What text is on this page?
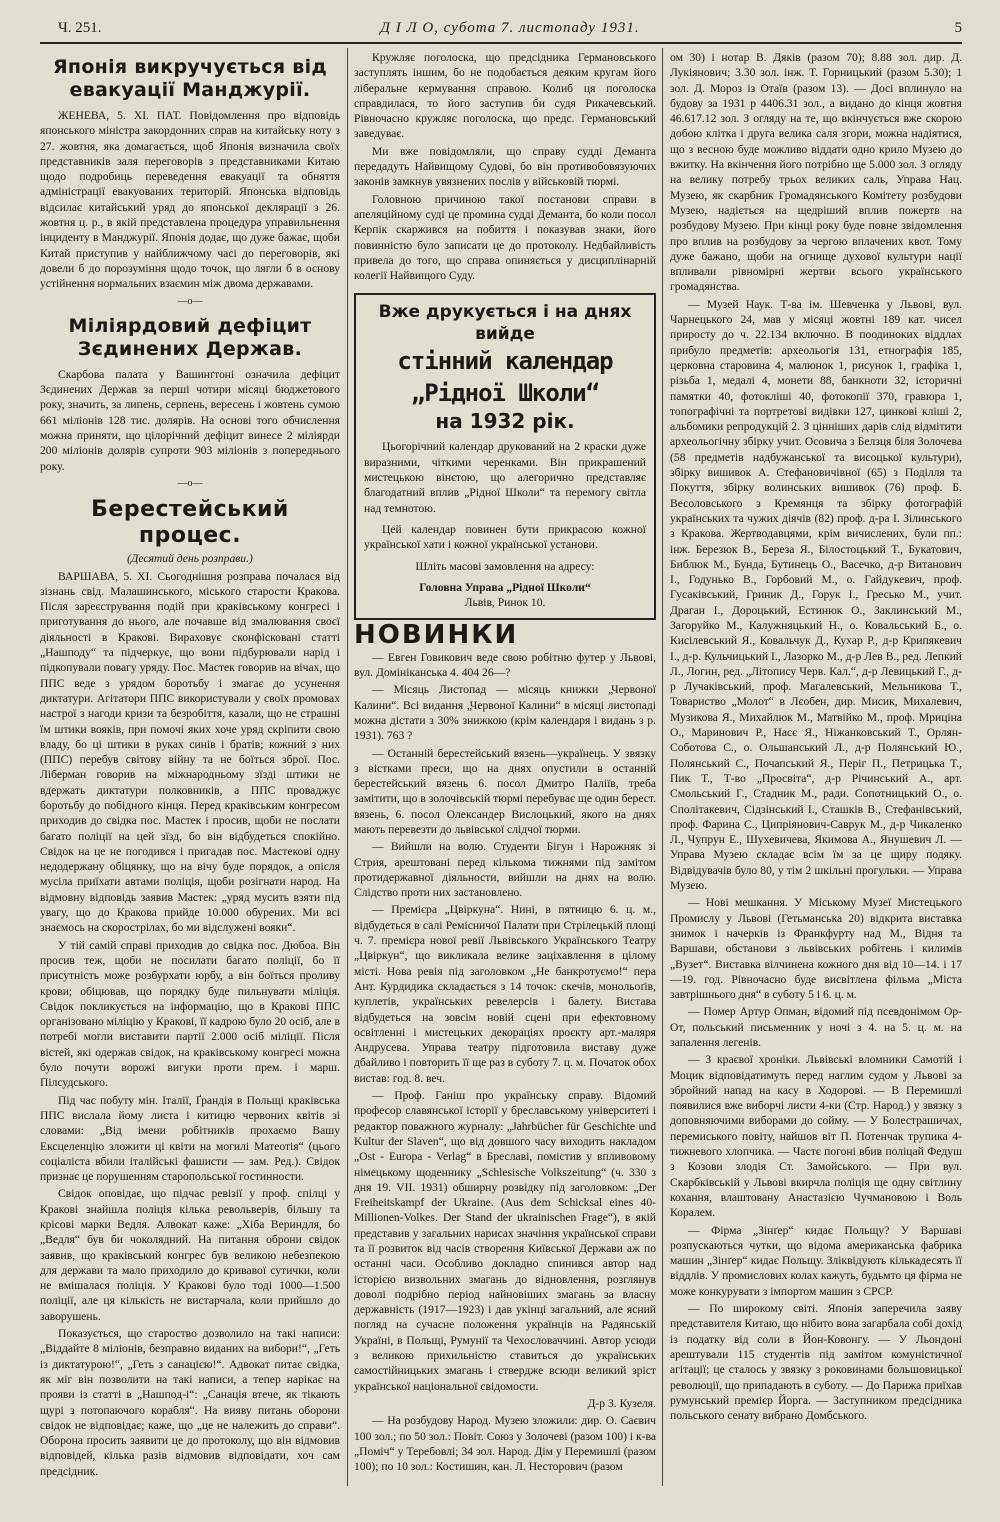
Ч. 251.	Д І Л О, субота 7. листопаду 1931.	5
Японія викручується від евакуації Манджурії.

ЖЕНЕВА, 5. XI. ПАТ. Повідомлення про відповідь японського міністра закордонних справ на китайську ноту з 27. жовтня, яка домагається, щоб Японія визначила своїх представників заля переговорів з представниками Китаю щодо подробиць переведення евакуації та обняття адміністрації евакуованих територій. Японська відповідь відсилає китайський уряд до японської деклярації з 26. жовтня ц. р., в якій представлена процедура управильнення інциденту в Манджурії. Японія додає, що дуже бажає, щоби Китай приступив у найближчому часі до переговорів, які довели б до порозуміння щодо точок, що лягли б в основу устійнення нормальних взаємин між двома державами.

—o—

Міліярдовий дефіцит Зєдинених Держав.

Скарбова палата у Вашинґтоні означила дефіцит Зєдинених Держав за перші чотири місяці бюджетового року, значить, за липень, серпень, вересень і жовтень сумою 661 міліонів 128 тис. долярів. На основі того обчислення можна приняти, що цілорічний дефіцит винесе 2 міліярди 200 міліонів долярів супроти 903 міліонів з попереднього року.

—o—

Берестейський процес.

(Десятий день розправи.)

ВАРШАВА, 5. XI. Сьогоднішня розправа почалася від зізнань свід. Малашинського, міського старости Кракова. Після зареєстрування подій при краківському конгресі і приготування до нього, але почавше від змалювання своєї діяльності в Кракові. Вираховує сконфісковані статті „Нашподу“ та підчеркує, що вони підбурювали нарід і підкопували повагу уряду. Пос. Мастек говорив на вічах, що ППС веде з урядом боротьбу і змагає до усунення диктатури. Агітатори ППС використували у своїх промовах настрої з нагоди кризи та безробіття, казали, що не страшні їм штики вояків, при помочі яких хоче уряд скріпити свою владу, бо ці штики в руках синів і братів; кожний з них (ППС) перебув світову війну та не боїться зброї. Пос. Ліберман говорив на міжнародньому зїзді штики не вдержать диктатури полковників, а ППС проваджує боротьбу до побідного кінця. Перед краківським конгресом приходив до свідка пос. Мастек і просив, щоби не послати багато поліції на цей зїзд, бо він відбудеться спокійно. Свідок на це не погодився і пригадав пос. Мастекові одну недодержану обіцянку, що на вічу буде порядок, а опісля мусіла приїхати автами поліція, щоби розігнати народ. На відмовну відповідь заявив Мастек: „уряд мусить взяти під увагу, що до Кракова прийде 10.000 обурених. Ми всі знаємось на скорострілах, бо ми відслужені вояки“.

У тій самій справі приходив до свідка пос. Дюбоа. Він просив теж, щоби не посилати багато поліції, бо її присутність може розбурхати юрбу, а він боїться проливу крови; обіцював, що порядку буде пильнувати міліція. Свідок покликується на інформацію, що в Кракові ППС організовано міліцію у Кракові, її кадрою було 20 осіб, але в потребі могли виставити партії 2.000 осіб міліції. Після вістей, які одержав свідок, на краківському конгресі можна було почути ворожі вигуки проти прем. і марш. Пілсудського.

Під час побуту мін. Італії, Ґрандія в Польщі краківська ППС вислала йому листа і китицю червоних квітів зі словами: „Від імени робітників прохаємо Вашу Ексцеленцію зложити ці квіти на могилі Матеотія“ (цього соціаліста вбили італійські фашисти — зам. Ред.). Свідок признає це порушенням старопольської гостинности.

Свідок оповідає, що підчас ревізії у проф. спілці у Кракові знайшла поліція кілька револьверів, більшу та крісові марки Ведля. Алвокат каже: „Хіба Вериндля, бо „Ведля“ був би чоколядний. На питання оброни свідок заявив, що краківський конгрес був великою небезпекою для держави та мало приходило до кривавої сутички, коли не вмішалася поліція. У Кракові було тоді 1000—1.500 поліції, але ця кількість не вистарчала, коли прийшло до заворушень.

Показується, що староство дозволило на такі написи: „Віддайте 8 міліонів, безправно виданих на вибори!“, „Геть із диктатурою!“, „Геть з санацією!“. Адвокат питає свідка, як міг він позволити на такі написи, а тепер нарікає на прояви із статті в „Нашпод-і“: „Санація втече, як тікають щурі з потопаючого корабля“. На вияву питань оборони свідок не відповідає; каже, що „це не належить до справи“. Оборона просить заявити це до протоколу, що він відмовив відповідей, кілька разів відмовив відповідати, хоч сам предсідник.

Кружляє поголоска, що предсідника Германовського заступлять іншим, бо не подобається деяким кругам його ліберальне кермування справою. Колиб ця поголоска справдилася, то його заступив би судя Рикачевський. Рівночасно кружляє поголоска, що предс. Германовський заведуває.

Ми вже повідомляли, що справу судді Деманта передадуть Найвищому Судові, бо він противобовязуючих законів замкнув увязнених послів у військовій тюрмі.

Головною причиною такої постанови справи в апеляційному суді це промина судді Деманта, бо коли посол Керпік скаржився на побиття і показував знаки, його повинністю було записати це до протоколу. Недбайливість привела до того, що справа опиняється у дисциплінарній колегії Найвищого Суду.

Вже друкується і на днях вийде
стінний календар „Рідної Школи“
на 1932 рік.

Цьогорічний календар друкований на 2 краски дуже виразними, чіткими черенками. Він прикрашений мистецькою вінєтою, що алегорично представляє благодатний вплив „Рідної Школи“ та перемогу світла над темнотою.

Цей календар повинен бути прикрасою кожної української хати і кожної української установи.

Шліть масові замовлення на адресу:

Головна Управа „Рідної Школи“

Львів, Ринок 10.

НОВИНКИ

— Евген Говикович веде свою робітню футер у Львові, вул. Домініканська 4. 404 26—?

— Місяць Листопад — місяць книжки „Червоної Калини“. Всі видання „Червоної Калини“ в місяці листопаді можна дістати з 30% знижкою (крім календаря і видань з р. 1931). 763 ?

— Останній берестейський вязень—українець. У звязку з вістками преси, що на днях опустили в останній берестейський вязень 6. посол Дмитро Паліїв, треба замітити, що в золочівській тюрмі перебуває ще один берест. вязень, 6. посол Олександер Вислоцький, якого на днях мають перевезти до львівської слідчої тюрми.

— Вийшли на волю. Студенти Бігун і Нарожняк зі Стрия, арештовані перед кількома тижнями під замітом протидержавної діяльности, вийшли на днях на волю. Слідство проти них застановлено.

— Премієра „Цвіркуна“. Нині, в пятницю 6. ц. м., відбудеться в салі Ремісничої Палати при Стрілецькій площі ч. 7. премієра нової ревії Львівського Українського Театру „Цвіркун“, що викликала велике заціхавлення в цілому місті. Нова ревія під заголовком „Не банкротуємо!“ пера Ант. Курдидика складається з 14 точок: скечів, монольоґів, куплетів, українських ревелерсів і балету. Вистава відбудеться на зовсім новій сцені при ефектовному освітленні і мистецьких декораціях проєкту арт.-маляря Андрусева. Управа театру підготовила виставу дуже дбайливо і повторить її ще раз в суботу 7. ц. м. Початок обох вистав: год. 8. веч.

— Проф. Ганіш про українську справу. Відомий професор славянської історії у бреславському університеті і редактор поважного журналу: „Jahrbücher für Geschichte und Kultur der Slaven“, що від довшого часу виходить накладом „Ost - Europa - Verlag“ в Бреславі, помістив у впливовому німецькому щоденнику „Schlesische Volkszeitung“ (ч. 330 з дня 19. VII. 1931) обширну розвідку під заголовком: „Der Freiheitskampf der Ukraine. (Aus dem Schicksal eines 40-Millionen-Volkes. Der Stand der ukrainischen Frage“), в якій представив у загальних нарисах значіння української справи та її розвиток від часів створення Київської Держави аж по останні часи. Особливо докладно спинився автор над історією визвольних змагань до відновлення, розглянув доволі подрібно період найновіших змагань за власну державність (1917—1923) і дав укінці загальний, але ясний погляд на сучасне положення українців на Радянській Україні, в Польщі, Румунії та Чехословаччині. Автор усюди з великою прихильністю ставиться до українських самостійницьких змагань і ствердже всюди великий зріст української національної свідомости.

Д-р З. Кузеля.

— На розбудову Народ. Музею зложили: дир. О. Саєвич 100 зол.; по 50 зол.: Повіт. Союз у Золочеві (разом 100) і к-ва „Поміч“ у Теребовлі; 34 зол. Народ. Дім у Перемишлі (разом 100); по 10 зол.: Костишин, кан. Л. Несторович (разом

ом 30) і нотар В. Дяків (разом 70); 8.88 зол. дир. Д. Лукіянович; 3.30 зол. інж. Т. Горницький (разом 5.30); 1 зол. Д. Мороз із Отаїв (разом 13). — Досі вплинуло на будову за 1931 р 4406.31 зол., а видано до кінця жовтня 46.617.12 зол. З огляду на те, що вкінчується вже скорою добою клітка і друга велика саля згори, можна надіятися, що з весною буде можливо віддати одно крило Музею до вжитку. На вкінчення його потрібно ще 5.000 зол. З огляду на велику потребу трьох великих саль, Управа Нац. Музею, як скарбник Громадянського Комітету розбудови Музею, надіється на щедріший вплив пожертв на розбудову Музею. При кінці року буде повне звідомлення про вплив на розбудову за чергою вплачених квот. Тому дуже бажано, щоби на огнище духової культури нації впливали рівномірні жертви всього українського громадянства.

— Музей Наук. Т-ва ім. Шевченка у Львові, вул. Чарнецького 24, мав у місяці жовтні 189 кат. чисел приросту до ч. 22.134 включно. В поодиноких віддлах прибуло предметів: археольогія 131, етнографія 185, церковна старовина 4, малюнок 1, рисунок 1, графіка 1, різьба 1, медалі 4, монети 88, банкноти 32, історичні памятки 40, фотокліші 40, фотокопії 370, гравюра 1, топографічні та портретові видівки 127, цинкові кліші 2, альбомики репродукцій 2. З цінніших дарів слід відмітити археольогічну збірку учит. Осовича з Белзця біля Золочева (58 предметів надбужанської та висоцької культури), збірку вишивок А. Стефановичівної (65) з Поділля та Покуття, збірку волинських вишивок (76) проф. Б. Весоловського з Кремянця та збірку фотографій українських та чужих діячів (82) проф. д-ра І. Зілинського з Кракова. Жертводавцями, крім вичислених, були пп.: інж. Березюк В., Береза Я., Білостоцький Т., Букатович, Библюк М., Бунда, Бутинець О., Васечко, д-р Витанович І., Годунько В., Горбовий М., о. Гайдукевич, проф. Гусаківський, Гриник Д., Горук І., Гресько М., учит. Драган І., Дороцький, Естинюк О., Заклинський М., Загоруйко М., Калужняцький Н., о. Ковальський Б., о. Кисілевський Я., Ковальчук Д., Кухар Р., д-р Крипякевич І., д-р. Кульчицький І., Лазорко М., д-р Лев В., ред. Лепкий Л., Логин, ред. „Літопису Черв. Кал.“, д-р Левицький Г., д-р Лучаківський, проф. Магалевський, Мельникова Т., Товариство „Молот“ в Лєобен, дир. Мисик, Михалевич, Музикова Я., Михайлюк М., Матвійко М., проф. Мриціна О., Маринович Р., Насє Я., Ніжанковський Т., Орлян-Соботова С., о. Ольшанський Л., д-р Полянський Ю., Полянський С., Почапський Я., Періг П., Петрицька Т., Пик Т., Т-во „Просвіта“, д-р Річинський А., арт. Смольський Г., Стадник М., ради. Сопотницький О., о. Сполітакевич, Сідзінський І., Сташків В., Стефанівський, проф. Фарина С., Ципріянович-Саврук М., д-р Чикаленко Л., Чупрун Е., Шухевичева, Якимова А., Янушевич Л. — Управа Музею складає всім їм за це щиру подяку. Відвідувачів було 80, у тім 2 шкільні прогульки. — Управа Музею.

— Нові мешкання. У Міському Музеї Мистецького Промислу у Львові (Гетьманська 20) відкрита виставка знимок і начерків із Франкфурту над М., Відня та Варшави, обстанови з львівських робітень і килимів „Вузет“. Виставка вілчинена кожного дня від 10—14. і 17—19. год. Рівночасно буде висвітлена фільма „Міста завтрішнього дня“ в суботу 5 і 6. ц. м.

— Помер Артур Опман, відомий під псевдонімом Ор-От, польський письменник у ночі з 4. на 5. ц. м. на запалення легенів.

— З краєвої хроніки. Львівські вломники Самотій і Моцик відповідатимуть перед наглим судом у Львові за збройний напад на касу в Ходорові. — В Перемишлі появилися вже виборчі листи 4-ки (Стр. Народ.) у звязку з доповняючими виборами до сойму. — У Болестрашичах, перемиського повіту, найшов віт П. Потенчак трупика 4-тижневого хлопчика. — Частє погоні вбив поліцай Федуш з Козови злодія Ст. Замойського. — При вул. Скарбківській у Львові вкирчла поліція ще одну світлину кохання, влаштовану Анастазією Чучмановою і Воль Коралем.

— Фірма „Зінґер“ кидає Польщу? У Варшаві розпускаються чутки, що відома американська фабрика машин „Зінґер“ кидає Польщу. Зліквідують кількадесять її віддлів. У промислових колах кажуть, будьмто ця фірма не може конкурувати з імпортом машин з СРСР.

— По широкому світі. Японія заперечила заяву представителя Китаю, що нібито вона загарбала собі дохід із податку від соли в Йон-Ковонгу. — У Льондоні арештували 115 студентів під замітом комуністичної агітації; це сталось у звязку з роковинами большовицької революції, що припадають в суботу. — До Парижа приїхав румунський премієр Йорга. — Заступником предсідника польського сенату вибрано Домбського.
